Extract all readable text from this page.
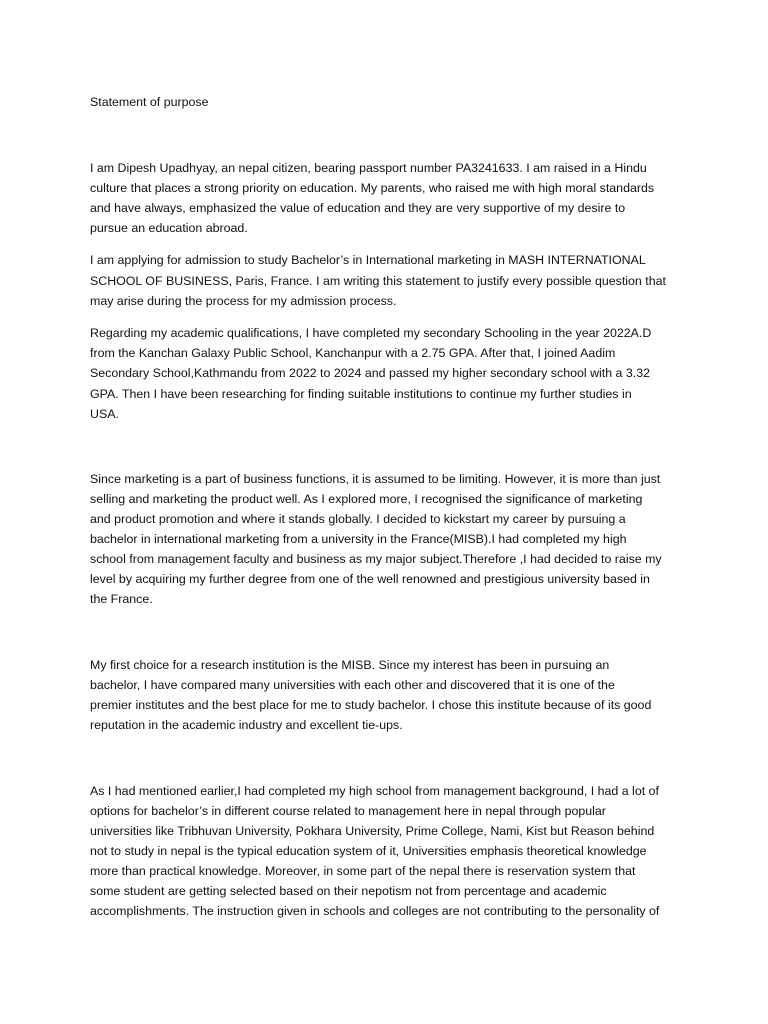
Statement of purpose

I am Dipesh Upadhyay, an nepal citizen, bearing passport number PA3241633. I am raised in a Hindu

culture that places a strong priority on education. My parents, who raised me with high moral standards

and have always, emphasized the value of education and they are very supportive of my desire to

pursue an education abroad.

I am applying for admission to study Bachelor’s in International marketing in MASH INTERNATIONAL

SCHOOL OF BUSINESS, Paris, France. I am writing this statement to justify every possible question that

may arise during the process for my admission process.

Regarding my academic qualifications, I have completed my secondary Schooling in the year 2022A.D

from the Kanchan Galaxy Public School, Kanchanpur with a 2.75 GPA. After that, I joined Aadim

Secondary School,Kathmandu from 2022 to 2024 and passed my higher secondary school with a 3.32

GPA. Then I have been researching for finding suitable institutions to continue my further studies in

USA.

Since marketing is a part of business functions, it is assumed to be limiting. However, it is more than just

selling and marketing the product well. As I explored more, I recognised the significance of marketing

and product promotion and where it stands globally. I decided to kickstart my career by pursuing a

bachelor in international marketing from a university in the France(MISB).I had completed my high

school from management faculty and business as my major subject.Therefore ,I had decided to raise my

level by acquiring my further degree from one of the well renowned and prestigious university based in

the France.

My first choice for a research institution is the MISB. Since my interest has been in pursuing an

bachelor, I have compared many universities with each other and discovered that it is one of the

premier institutes and the best place for me to study bachelor. I chose this institute because of its good

reputation in the academic industry and excellent tie-ups.

As I had mentioned earlier,I had completed my high school from management background, I had a lot of

options for bachelor’s in different course related to management here in nepal through popular

universities like Tribhuvan University, Pokhara University, Prime College, Nami, Kist but Reason behind

not to study in nepal is the typical education system of it, Universities emphasis theoretical knowledge

more than practical knowledge. Moreover, in some part of the nepal there is reservation system that

some student are getting selected based on their nepotism not from percentage and academic

accomplishments. The instruction given in schools and colleges are not contributing to the personality of
